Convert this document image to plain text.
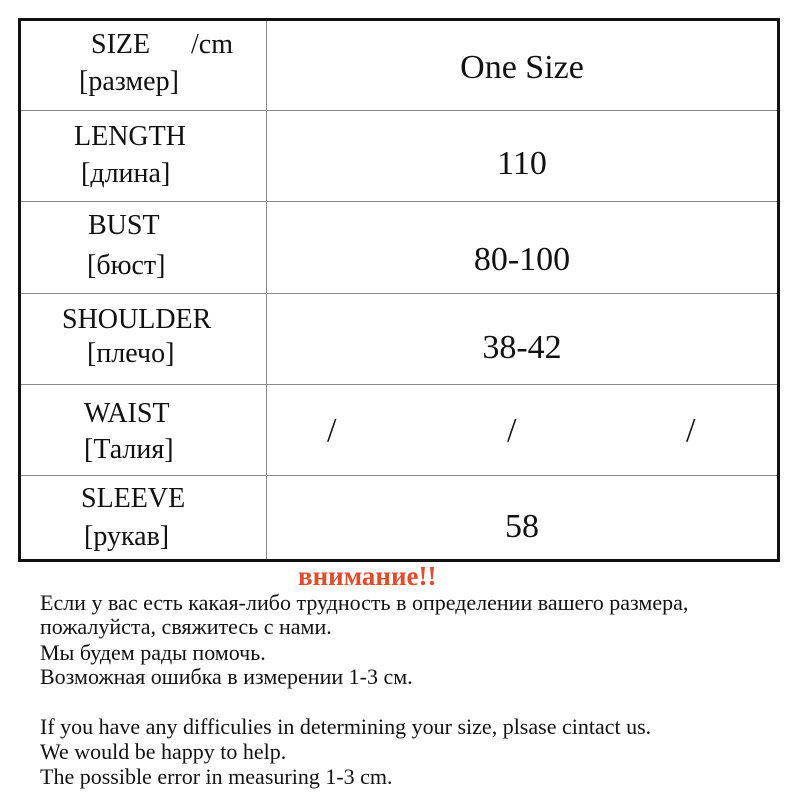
SIZE /cm
[размер]	One Size
LENGTH
[длина]	110
BUST
[бюст]	80-100
SHOULDER
[плечо]	38-42
WAIST
[Талия]
/	/	/
SLEEVE
[рукав]	58
внимание!!
Если у вас есть какая-либо трудность в определении вашего размера,
пожалуйста, свяжитесь с нами.
Мы будем рады помочь.
Возможная ошибка в измерении 1-3 см.
If you have any difficulies in determining your size, plsase cintact us.
We would be happy to help.
The possible error in measuring 1-3 cm.
